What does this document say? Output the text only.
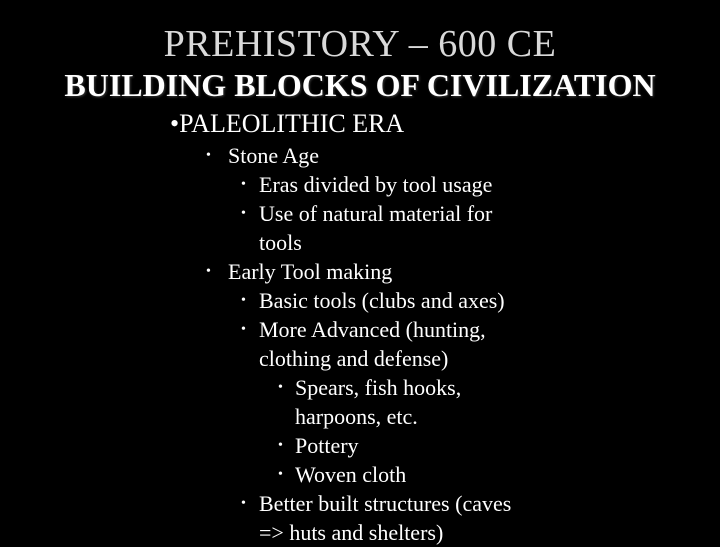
PREHISTORY – 600 CE
BUILDING BLOCKS OF CIVILIZATION
•PALEOLITHIC ERA
• Stone Age
• Eras divided by tool usage
• Use of natural material for
tools
• Early Tool making
• Basic tools (clubs and axes)
• More Advanced (hunting,
clothing and defense)
• Spears, fish hooks,
harpoons, etc.
• Pottery
• Woven cloth
• Better built structures (caves
=> huts and shelters)
